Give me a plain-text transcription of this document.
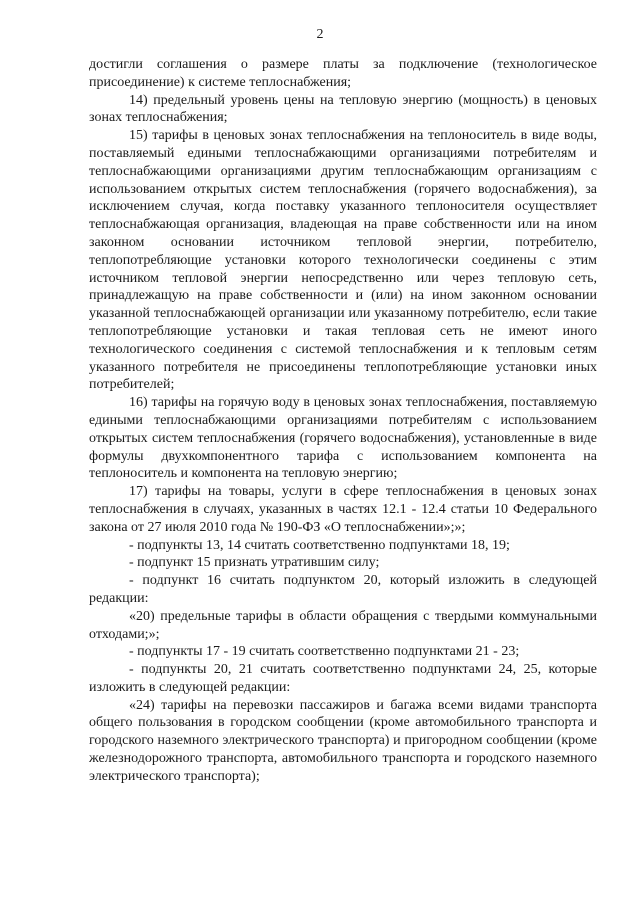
2

достигли соглашения о размере платы за подключение (технологическое присоединение) к системе теплоснабжения;

14) предельный уровень цены на тепловую энергию (мощность) в ценовых зонах теплоснабжения;

15) тарифы в ценовых зонах теплоснабжения на теплоноситель в виде воды, поставляемый едиными теплоснабжающими организациями потребителям и теплоснабжающими организациями другим теплоснабжающим организациям с использованием открытых систем теплоснабжения (горячего водоснабжения), за исключением случая, когда поставку указанного теплоносителя осуществляет теплоснабжающая организация, владеющая на праве собственности или на ином законном основании источником тепловой энергии, потребителю, теплопотребляющие установки которого технологически соединены с этим источником тепловой энергии непосредственно или через тепловую сеть, принадлежащую на праве собственности и (или) на ином законном основании указанной теплоснабжающей организации или указанному потребителю, если такие теплопотребляющие установки и такая тепловая сеть не имеют иного технологического соединения с системой теплоснабжения и к тепловым сетям указанного потребителя не присоединены теплопотребляющие установки иных потребителей;

16) тарифы на горячую воду в ценовых зонах теплоснабжения, поставляемую едиными теплоснабжающими организациями потребителям с использованием открытых систем теплоснабжения (горячего водоснабжения), установленные в виде формулы двухкомпонентного тарифа с использованием компонента на теплоноситель и компонента на тепловую энергию;

17) тарифы на товары, услуги в сфере теплоснабжения в ценовых зонах теплоснабжения в случаях, указанных в частях 12.1 - 12.4 статьи 10 Федерального закона от 27 июля 2010 года № 190-ФЗ «О теплоснабжении»;»;

- подпункты 13, 14 считать соответственно подпунктами 18, 19;

- подпункт 15 признать утратившим силу;

- подпункт 16 считать подпунктом 20, который изложить в следующей редакции:

«20) предельные тарифы в области обращения с твердыми коммунальными отходами;»;

- подпункты 17 - 19 считать соответственно подпунктами 21 - 23;

- подпункты 20, 21 считать соответственно подпунктами 24, 25, которые изложить в следующей редакции:

«24) тарифы на перевозки пассажиров и багажа всеми видами транспорта общего пользования в городском сообщении (кроме автомобильного транспорта и городского наземного электрического транспорта) и пригородном сообщении (кроме железнодорожного транспорта, автомобильного транспорта и городского наземного электрического транспорта);
